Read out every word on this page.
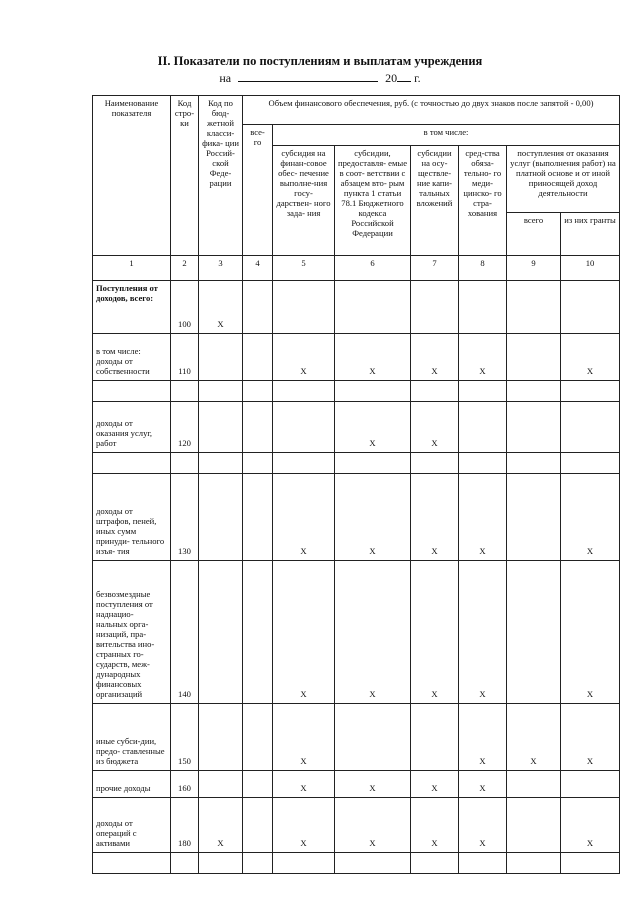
II. Показатели по поступлениям и выплатам учреждения
на	20 г.
Наименование показателя	Код стро- ки	Код по бюд- жетной класси- фика- ции Россий- ской Феде- рации	Объем финансового обеспечения, руб. (с точностью до двух знаков после запятой - 0,00)						
			все- го	в том числе:					
				субсидия на финан-совое обес- печение выполне-ния госу- дарствен- ного зада- ния	субсидии, предоставля- емые в соот- ветствии с абзацем вто- рым пункта 1 статьи 78.1 Бюджетного кодекса Российской Федерации	субсидии на осу- ществле- ние капи- тальных вложений	сред-ства обяза- тельно- го меди- цинско- го стра- хования	поступления от оказания услуг (выполнения работ) на платной основе и от иной приносящей доход деятельности	
								всего	из них гранты
1	2	3	4	5	6	7	8	9	10
Поступления от доходов, всего:	100	X							
в том числе: доходы от собственности	110			X	X	X	X		X

доходы от оказания услуг, работ	120				X	X			

доходы от штрафов, пеней, иных сумм принуди- тельного изъя- тия	130			X	X	X	X		X
безвозмездные поступления от наднацио- нальных орга- низаций, пра- вительства ино- странных го- сударств, меж- дународных финансовых организаций	140			X	X	X	X		X
иные субси-дии, предо- ставленные из бюджета	150			X			X	X	X
прочие доходы	160			X	X	X	X		
доходы от операций с активами	180	X		X	X	X	X		X
